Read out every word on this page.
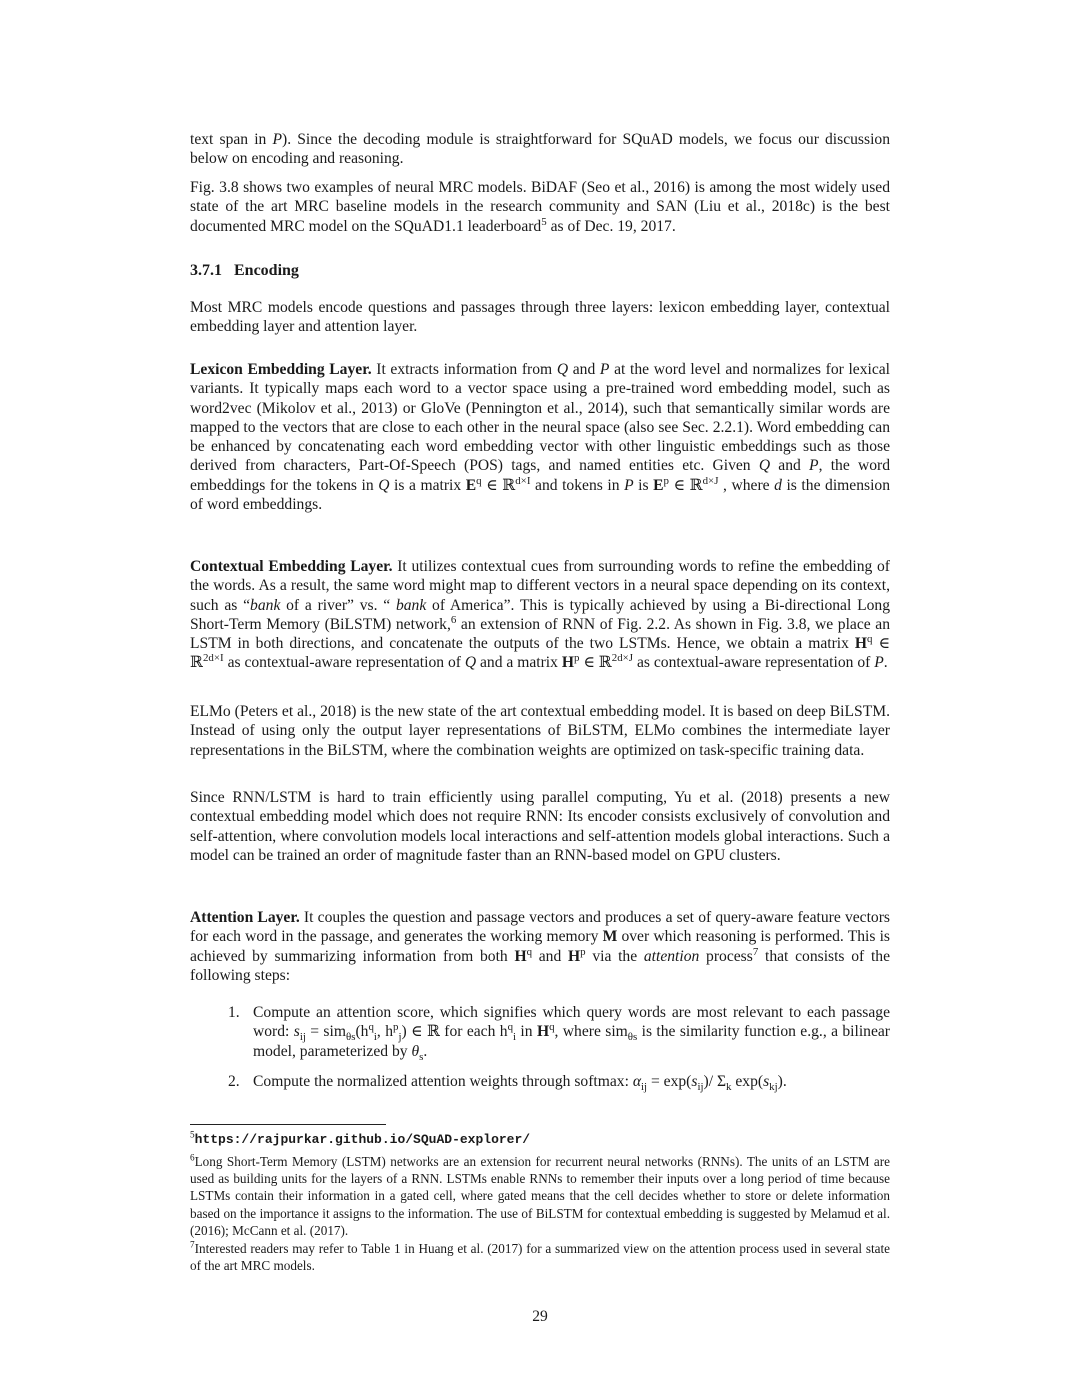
text span in P). Since the decoding module is straightforward for SQuAD models, we focus our discussion below on encoding and reasoning.

Fig. 3.8 shows two examples of neural MRC models. BiDAF (Seo et al., 2016) is among the most widely used state of the art MRC baseline models in the research community and SAN (Liu et al., 2018c) is the best documented MRC model on the SQuAD1.1 leaderboard$^5$ as of Dec. 19, 2017.

3.7.1 Encoding

Most MRC models encode questions and passages through three layers: lexicon embedding layer, contextual embedding layer and attention layer.

Lexicon Embedding Layer. It extracts information from Q and P at the word level and normalizes for lexical variants. It typically maps each word to a vector space using a pre-trained word embedding model, such as word2vec (Mikolov et al., 2013) or GloVe (Pennington et al., 2014), such that semantically similar words are mapped to the vectors that are close to each other in the neural space (also see Sec. 2.2.1). Word embedding can be enhanced by concatenating each word embedding vector with other linguistic embeddings such as those derived from characters, Part-Of-Speech (POS) tags, and named entities etc. Given Q and P, the word embeddings for the tokens in Q is a matrix $E^q$ ∈ ℝ$^{d\times I}$ and tokens in P is $E^p$ ∈ ℝ$^{d\times J}$ , where d is the dimension of word embeddings.

Contextual Embedding Layer. It utilizes contextual cues from surrounding words to refine the embedding of the words. As a result, the same word might map to different vectors in a neural space depending on its context, such as “bank of a river” vs. “ bank of America”. This is typically achieved by using a Bi-directional Long Short-Term Memory (BiLSTM) network,$^6$ an extension of RNN of Fig. 2.2. As shown in Fig. 3.8, we place an LSTM in both directions, and concatenate the outputs of the two LSTMs. Hence, we obtain a matrix $H^q$ ∈ ℝ$^{2d\times I}$ as contextual-aware representation of Q and a matrix $H^p$ ∈ ℝ$^{2d\times J}$ as contextual-aware representation of P.

ELMo (Peters et al., 2018) is the new state of the art contextual embedding model. It is based on deep BiLSTM. Instead of using only the output layer representations of BiLSTM, ELMo combines the intermediate layer representations in the BiLSTM, where the combination weights are optimized on task-specific training data.

Since RNN/LSTM is hard to train efficiently using parallel computing, Yu et al. (2018) presents a new contextual embedding model which does not require RNN: Its encoder consists exclusively of convolution and self-attention, where convolution models local interactions and self-attention models global interactions. Such a model can be trained an order of magnitude faster than an RNN-based model on GPU clusters.

Attention Layer. It couples the question and passage vectors and produces a set of query-aware feature vectors for each word in the passage, and generates the working memory M over which reasoning is performed. This is achieved by summarizing information from both $H^q$ and $H^p$ via the attention process$^7$ that consists of the following steps:

1. Compute an attention score, which signifies which query words are most relevant to each passage word: $s_{ij} = sim_{\theta s}(h^q_i$, $h^p_j$) ∈ ℝ for each $h^q_i$ in $H^q$, where sim$_{\theta s}$ is the similarity function e.g., a bilinear model, parameterized by $\theta_s$.

2. Compute the normalized attention weights through softmax: $\alpha_{ij} = \exp(s_{ij})/$ $\Sigma_k$ $\exp(s_{kj})$.

$^5$https://rajpurkar.github.io/SQuAD-explorer/

$^6$Long Short-Term Memory (LSTM) networks are an extension for recurrent neural networks (RNNs). The units of an LSTM are used as building units for the layers of a RNN. LSTMs enable RNNs to remember their inputs over a long period of time because LSTMs contain their information in a gated cell, where gated means that the cell decides whether to store or delete information based on the importance it assigns to the information. The use of BiLSTM for contextual embedding is suggested by Melamud et al. (2016); McCann et al. (2017).

$^7$Interested readers may refer to Table 1 in Huang et al. (2017) for a summarized view on the attention process used in several state of the art MRC models.

29
